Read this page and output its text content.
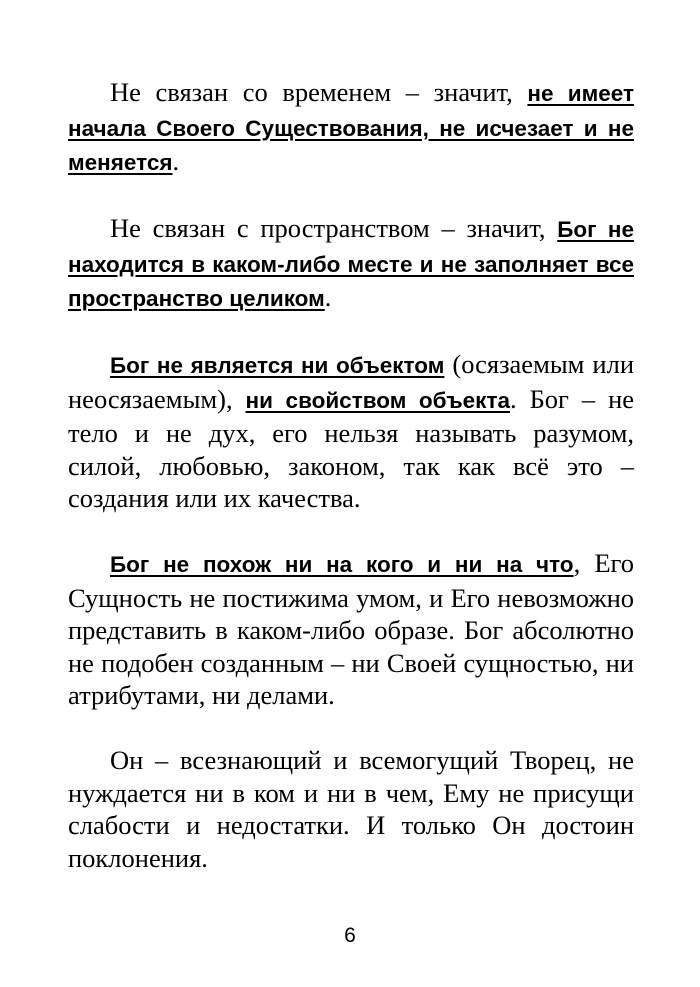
Не связан со временем – значит, не имеет начала Своего Существования, не исчезает и не меняется.

Не связан с пространством – значит, Бог не находится в каком-либо месте и не заполняет все пространство целиком.

Бог не является ни объектом (осязаемым или неосязаемым), ни свойством объекта. Бог – не тело и не дух, его нельзя называть разумом, силой, любовью, законом, так как всё это – создания или их качества.

Бог не похож ни на кого и ни на что, Его Сущность не постижима умом, и Его невозможно представить в каком-либо образе. Бог абсолютно не подобен созданным – ни Своей сущностью, ни атрибутами, ни делами.

Он – всезнающий и всемогущий Творец, не нуждается ни в ком и ни в чем, Ему не присущи слабости и недостатки. И только Он достоин поклонения.

6
